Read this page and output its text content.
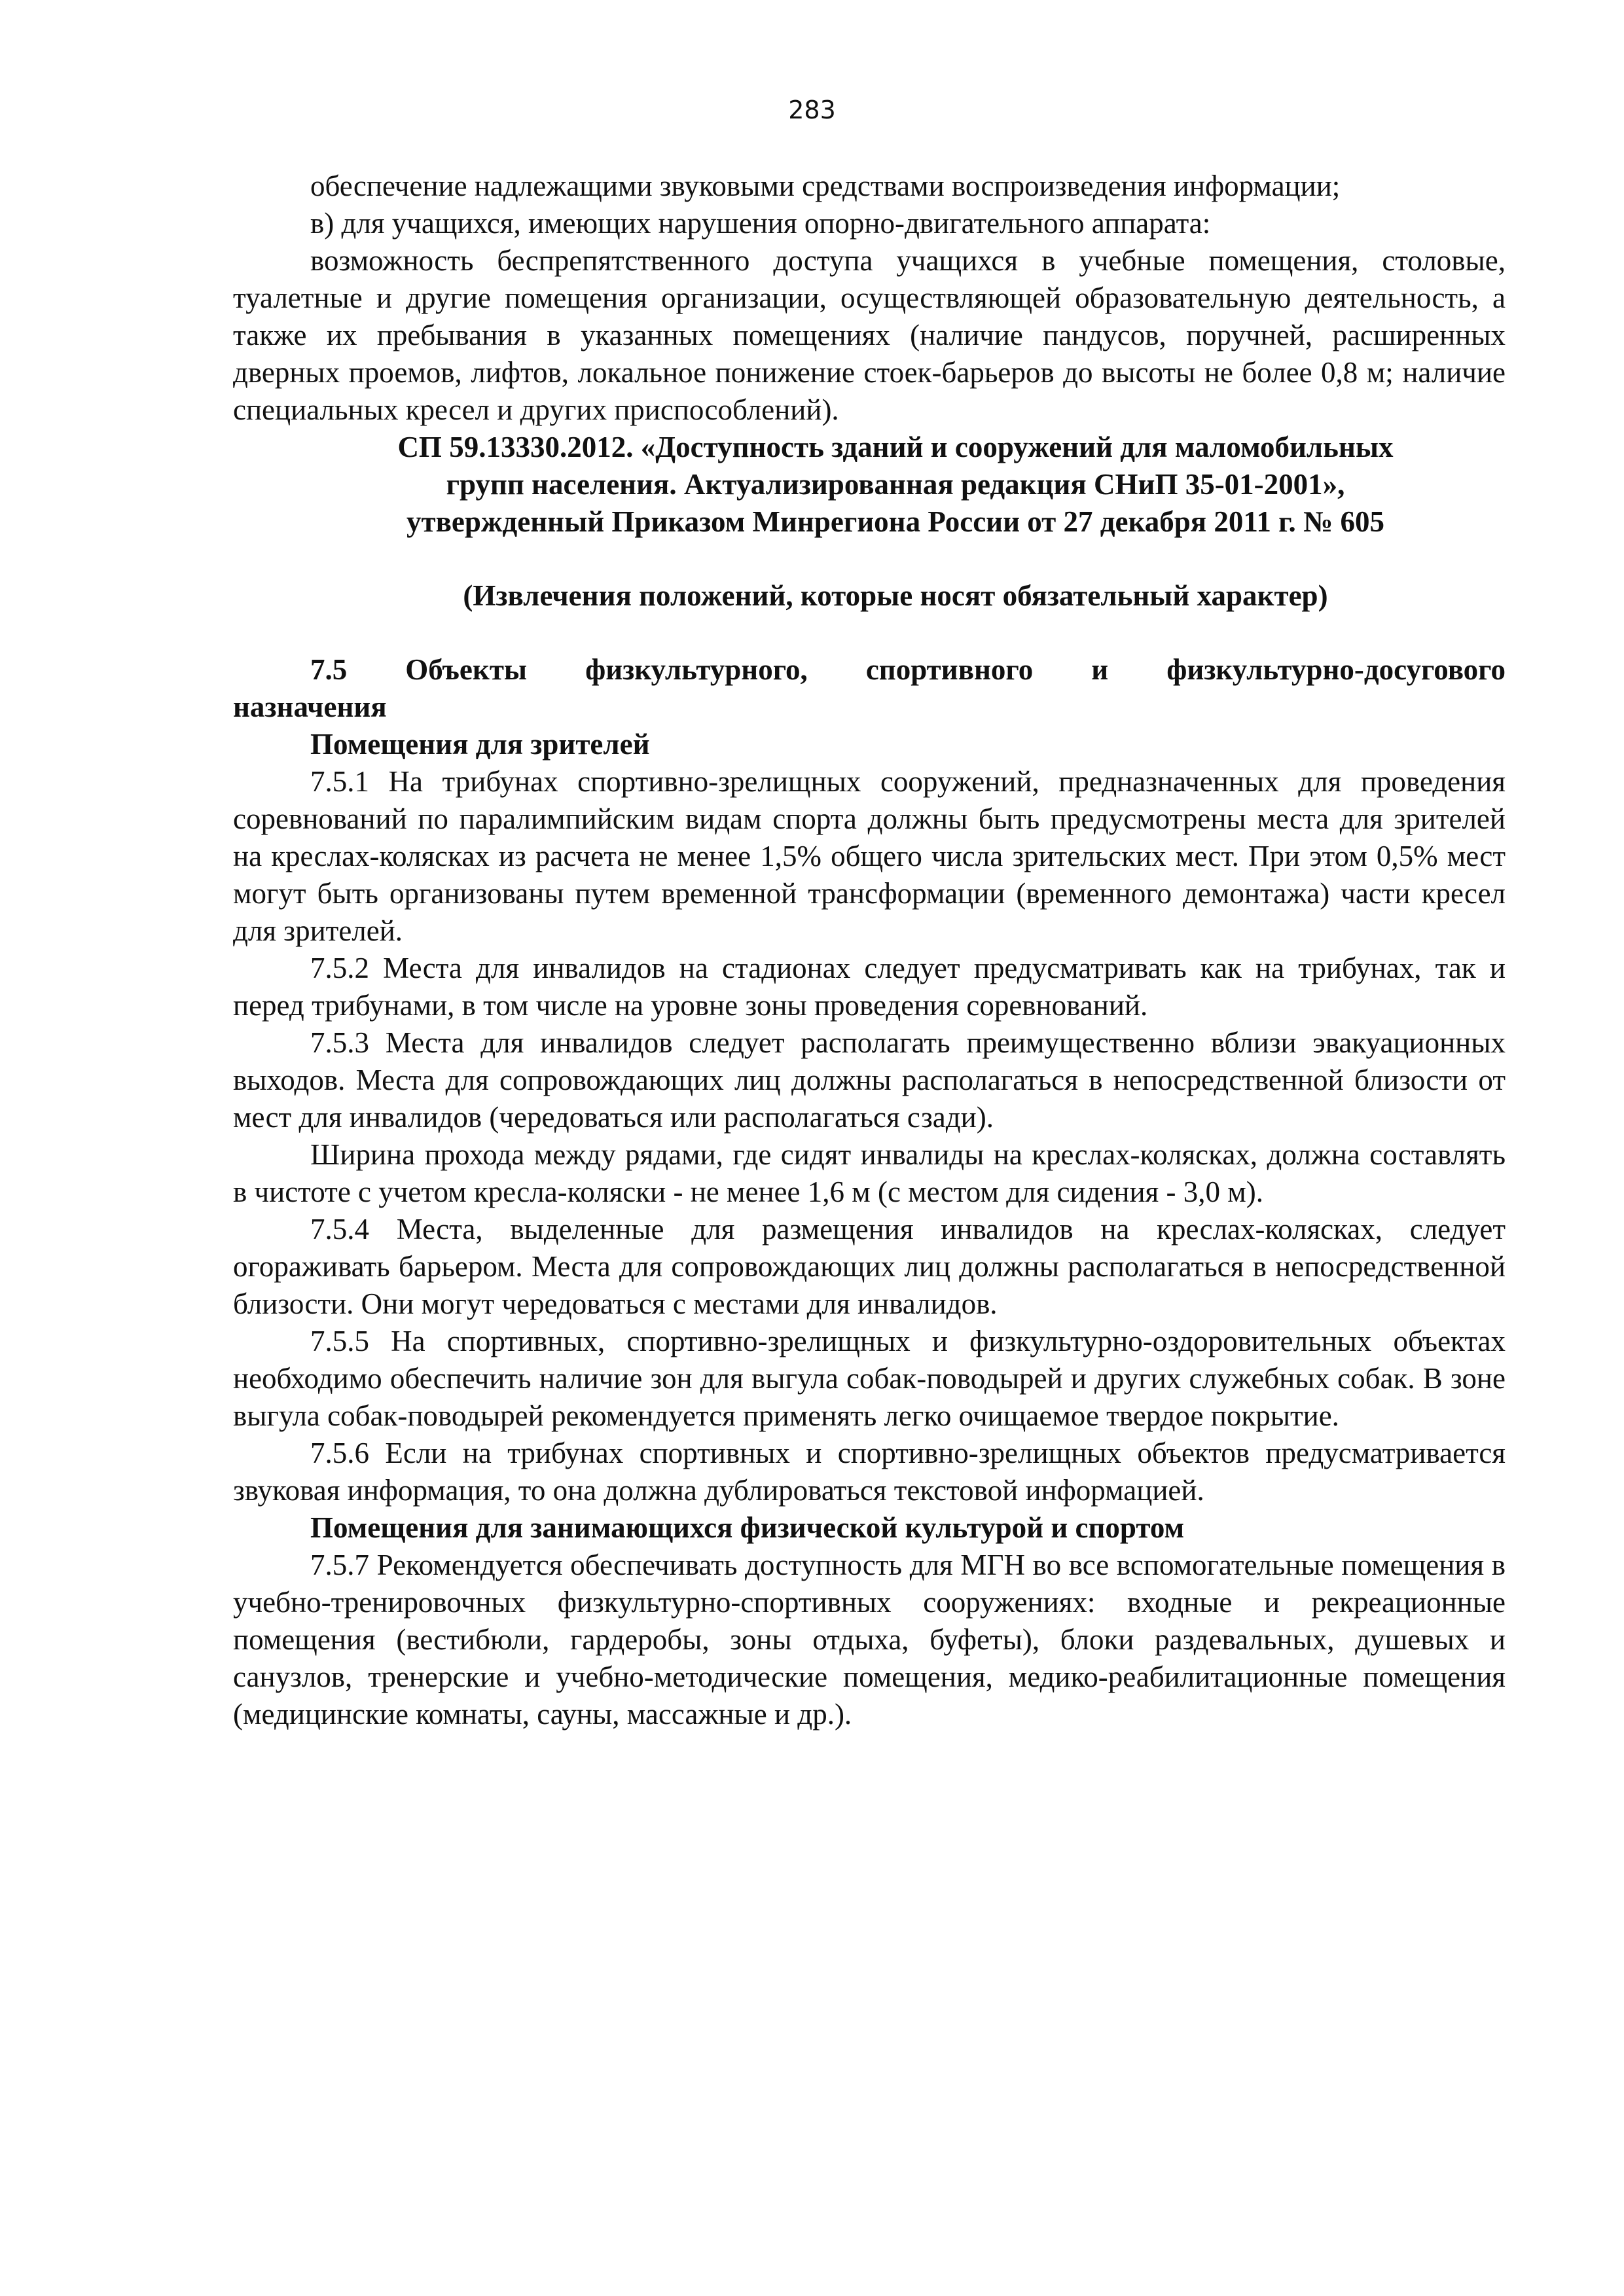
283

обеспечение надлежащими звуковыми средствами воспроизведения информации;

в) для учащихся, имеющих нарушения опорно-двигательного аппарата:

возможность беспрепятственного доступа учащихся в учебные помещения, столовые, туалетные и другие помещения организации, осуществляющей образовательную деятельность, а также их пребывания в указанных помещениях (наличие пандусов, поручней, расширенных дверных проемов, лифтов, локальное понижение стоек-барьеров до высоты не более 0,8 м; наличие специальных кресел и других приспособлений).

СП 59.13330.2012. «Доступность зданий и сооружений для маломобильных
групп населения. Актуализированная редакция СНиП 35-01-2001»,
утвержденный Приказом Минрегиона России от 27 декабря 2011 г. № 605

(Извлечения положений, которые носят обязательный характер)

7.5 Объекты физкультурного, спортивного и физкультурно-досугового

назначения

Помещения для зрителей

7.5.1 На трибунах спортивно-зрелищных сооружений, предназначенных для проведения соревнований по паралимпийским видам спорта должны быть предусмотрены места для зрителей на креслах-колясках из расчета не менее 1,5% общего числа зрительских мест. При этом 0,5% мест могут быть организованы путем временной трансформации (временного демонтажа) части кресел для зрителей.

7.5.2 Места для инвалидов на стадионах следует предусматривать как на трибунах, так и перед трибунами, в том числе на уровне зоны проведения соревнований.

7.5.3 Места для инвалидов следует располагать преимущественно вблизи эвакуационных выходов. Места для сопровождающих лиц должны располагаться в непосредственной близости от мест для инвалидов (чередоваться или располагаться сзади).

Ширина прохода между рядами, где сидят инвалиды на креслах-колясках, должна составлять в чистоте с учетом кресла-коляски - не менее 1,6 м (с местом для сидения - 3,0 м).

7.5.4 Места, выделенные для размещения инвалидов на креслах-колясках, следует огораживать барьером. Места для сопровождающих лиц должны располагаться в непосредственной близости. Они могут чередоваться с местами для инвалидов.

7.5.5 На спортивных, спортивно-зрелищных и физкультурно-оздоровительных объектах необходимо обеспечить наличие зон для выгула собак-поводырей и других служебных собак. В зоне выгула собак-поводырей рекомендуется применять легко очищаемое твердое покрытие.

7.5.6 Если на трибунах спортивных и спортивно-зрелищных объектов предусматривается звуковая информация, то она должна дублироваться текстовой информацией.

Помещения для занимающихся физической культурой и спортом

7.5.7 Рекомендуется обеспечивать доступность для МГН во все вспомогательные помещения в учебно-тренировочных физкультурно-спортивных сооружениях: входные и рекреационные помещения (вестибюли, гардеробы, зоны отдыха, буфеты), блоки раздевальных, душевых и санузлов, тренерские и учебно-методические помещения, медико-реабилитационные помещения (медицинские комнаты, сауны, массажные и др.).
